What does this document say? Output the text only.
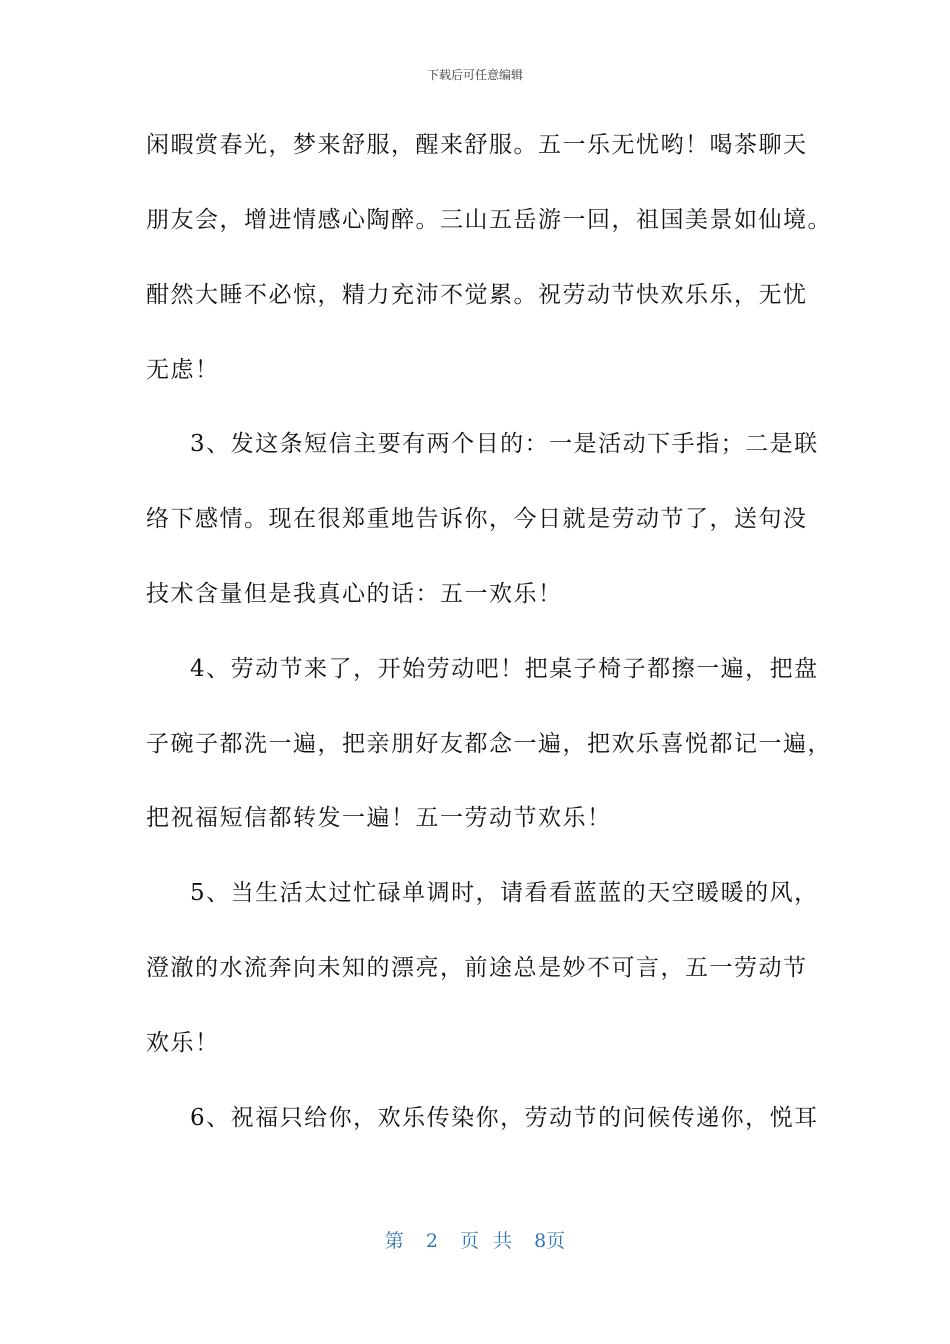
下载后可任意编辑
闲暇赏春光，梦来舒服，醒来舒服。五一乐无忧哟！喝茶聊天
朋友会，增进情感心陶醉。三山五岳游一回，祖国美景如仙境。
酣然大睡不必惊，精力充沛不觉累。祝劳动节快欢乐乐，无忧
无虑！
3、发这条短信主要有两个目的：一是活动下手指；二是联
络下感情。现在很郑重地告诉你，今日就是劳动节了，送句没
技术含量但是我真心的话：五一欢乐！
4、劳动节来了，开始劳动吧！把桌子椅子都擦一遍，把盘
子碗子都洗一遍，把亲朋好友都念一遍，把欢乐喜悦都记一遍，
把祝福短信都转发一遍！五一劳动节欢乐！
5、当生活太过忙碌单调时，请看看蓝蓝的天空暖暖的风，
澄澈的水流奔向未知的漂亮，前途总是妙不可言，五一劳动节
欢乐！
6、祝福只给你，欢乐传染你，劳动节的问候传递你，悦耳
第 2 页 共 8页
